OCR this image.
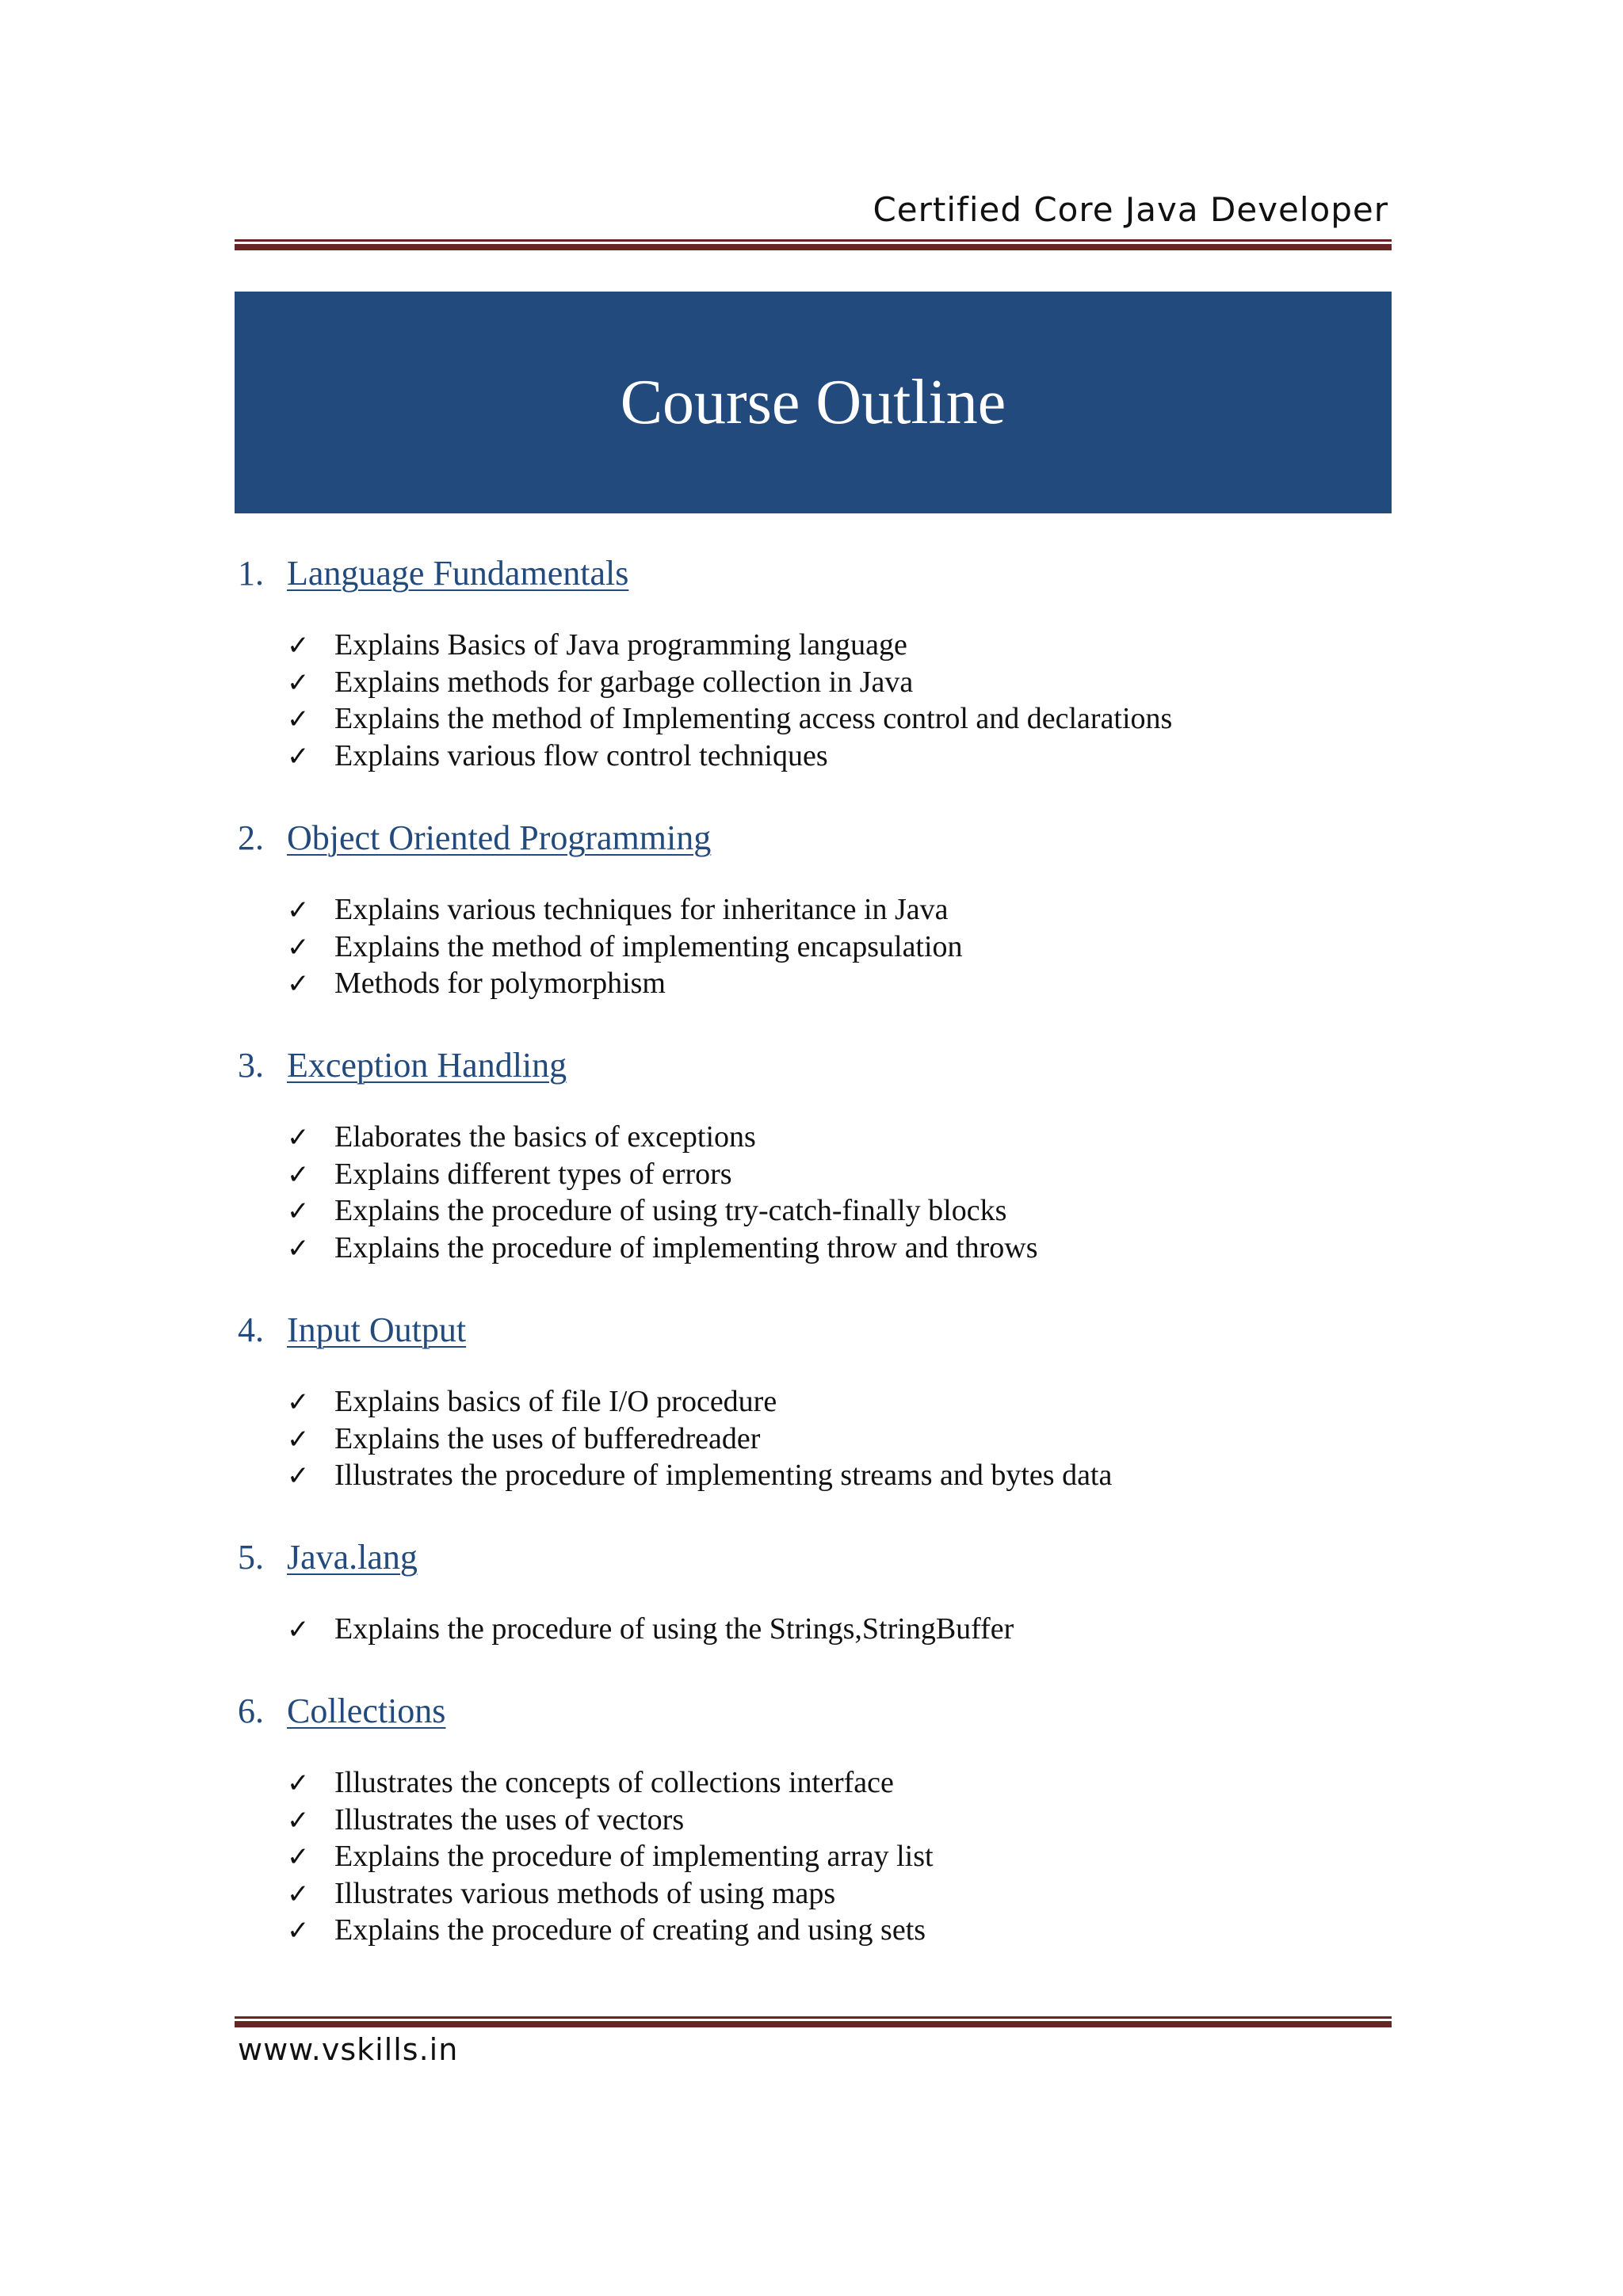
Certified Core Java Developer
Course Outline
1. Language Fundamentals
✓ Explains Basics of Java programming language
✓ Explains methods for garbage collection in Java
✓ Explains the method of Implementing access control and declarations
✓ Explains various flow control techniques
2. Object Oriented Programming
✓ Explains various techniques for inheritance in Java
✓ Explains the method of implementing encapsulation
✓ Methods for polymorphism
3. Exception Handling
✓ Elaborates the basics of exceptions
✓ Explains different types of errors
✓ Explains the procedure of using try-catch-finally blocks
✓ Explains the procedure of implementing throw and throws
4. Input Output
✓ Explains basics of file I/O procedure
✓ Explains the uses of bufferedreader
✓ Illustrates the procedure of implementing streams and bytes data
5. Java.lang
✓ Explains the procedure of using the Strings,StringBuffer
6. Collections
✓ Illustrates the concepts of collections interface
✓ Illustrates the uses of vectors
✓ Explains the procedure of implementing array list
✓ Illustrates various methods of using maps
✓ Explains the procedure of creating and using sets
www.vskills.in
